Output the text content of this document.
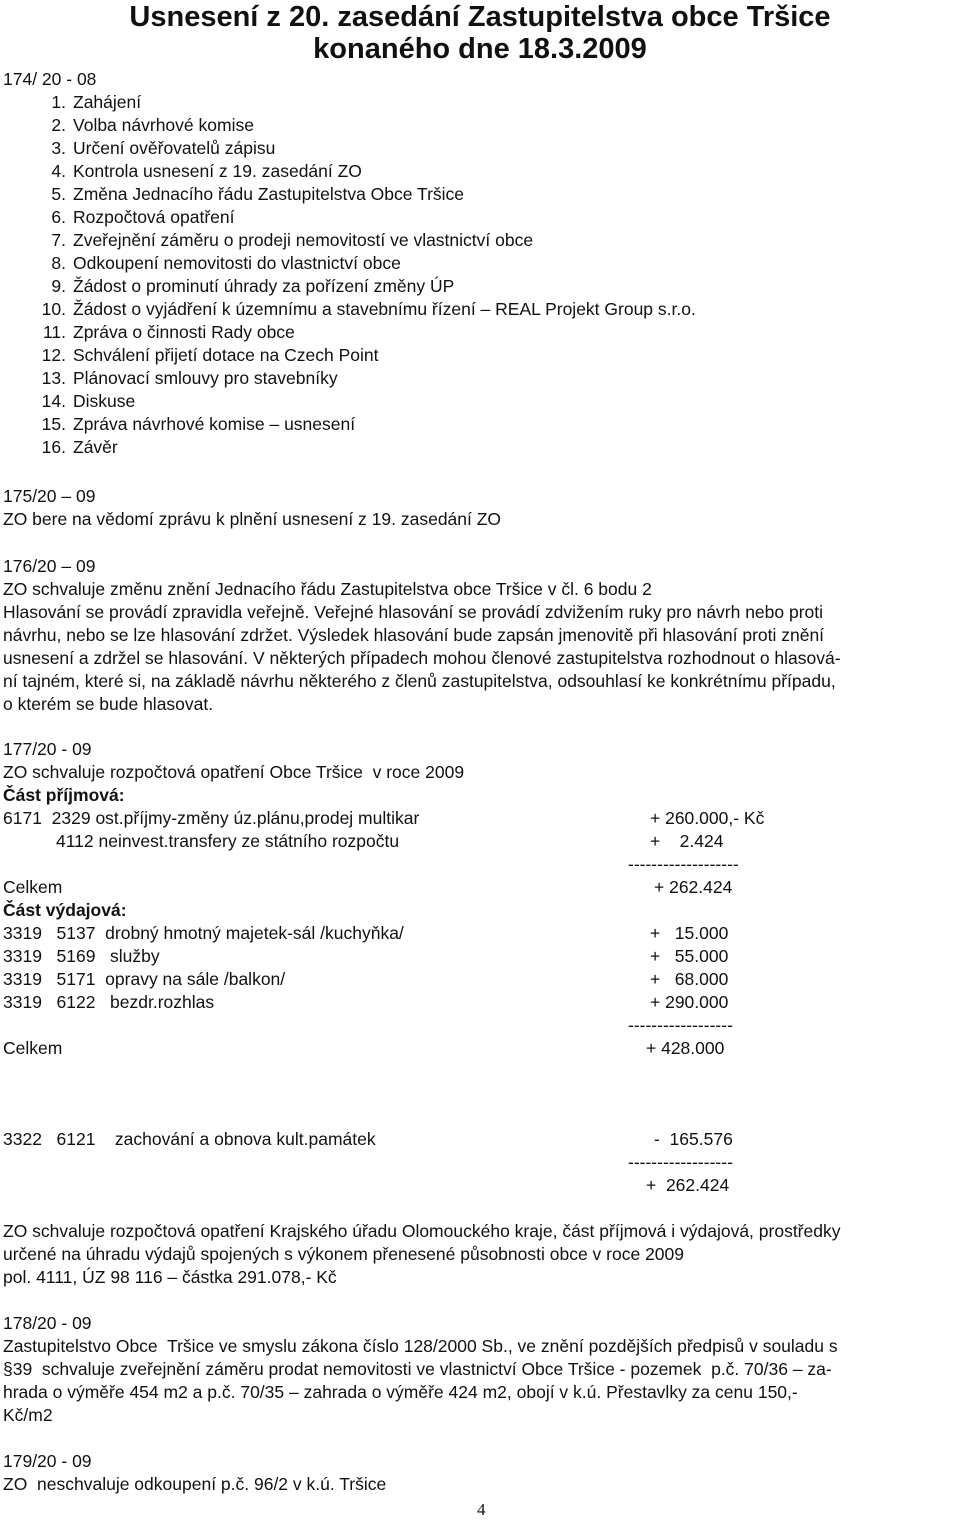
Usnesení z 20. zasedání Zastupitelstva obce Tršice
konaného dne 18.3.2009
174/ 20 - 08
1. Zahájení
2. Volba návrhové komise
3. Určení ověřovatelů zápisu
4. Kontrola usnesení z 19. zasedání ZO
5. Změna Jednacího řádu Zastupitelstva Obce Tršice
6. Rozpočtová opatření
7. Zveřejnění záměru o prodeji nemovitostí ve vlastnictví obce
8. Odkoupení nemovitosti do vlastnictví obce
9. Žádost o prominutí úhrady za pořízení změny ÚP
10. Žádost o vyjádření k územnímu a stavebnímu řízení – REAL Projekt Group s.r.o.
11. Zpráva o činnosti Rady obce
12. Schválení přijetí dotace na Czech Point
13. Plánovací smlouvy pro stavebníky
14. Diskuse
15. Zpráva návrhové komise – usnesení
16. Závěr
175/20 – 09
ZO bere na vědomí zprávu k plnění usnesení z 19. zasedání ZO
176/20 – 09
ZO schvaluje změnu znění Jednacího řádu Zastupitelstva obce Tršice v čl. 6 bodu 2
Hlasování se provádí zpravidla veřejně. Veřejné hlasování se provádí zdvižením ruky pro návrh nebo proti
návrhu, nebo se lze hlasování zdržet. Výsledek hlasování bude zapsán jmenovitě při hlasování proti znění
usnesení a zdržel se hlasování. V některých případech mohou členové zastupitelstva rozhodnout o hlasová-
ní tajném, které si, na základě návrhu některého z členů zastupitelstva, odsouhlasí ke konkrétnímu případu,
o kterém se bude hlasovat.
177/20 - 09
ZO schvaluje rozpočtová opatření Obce Tršice  v roce 2009
Část příjmová:
6171  2329 ost.příjmy-změny úz.plánu,prodej multikar	+ 260.000,- Kč
4112 neinvest.transfery ze státního rozpočtu	+    2.424
-------------------
Celkem	+ 262.424
Část výdajová:
3319   5137  drobný hmotný majetek-sál /kuchyňka/	+   15.000
3319   5169   služby	+   55.000
3319   5171  opravy na sále /balkon/	+   68.000
3319   6122   bezdr.rozhlas	+ 290.000
------------------
Celkem	+ 428.000
3322   6121    zachování a obnova kult.památek	-  165.576
------------------
+  262.424
ZO schvaluje rozpočtová opatření Krajského úřadu Olomouckého kraje, část příjmová i výdajová, prostředky
určené na úhradu výdajů spojených s výkonem přenesené působnosti obce v roce 2009
pol. 4111, ÚZ 98 116 – částka 291.078,- Kč
178/20 - 09
Zastupitelstvo Obce  Tršice ve smyslu zákona číslo 128/2000 Sb., ve znění pozdějších předpisů v souladu s
§39  schvaluje zveřejnění záměru prodat nemovitosti ve vlastnictví Obce Tršice - pozemek  p.č. 70/36 – za-
hrada o výměře 454 m2 a p.č. 70/35 – zahrada o výměře 424 m2, obojí v k.ú. Přestavlky za cenu 150,-
Kč/m2
179/20 - 09
ZO  neschvaluje odkoupení p.č. 96/2 v k.ú. Tršice
4
